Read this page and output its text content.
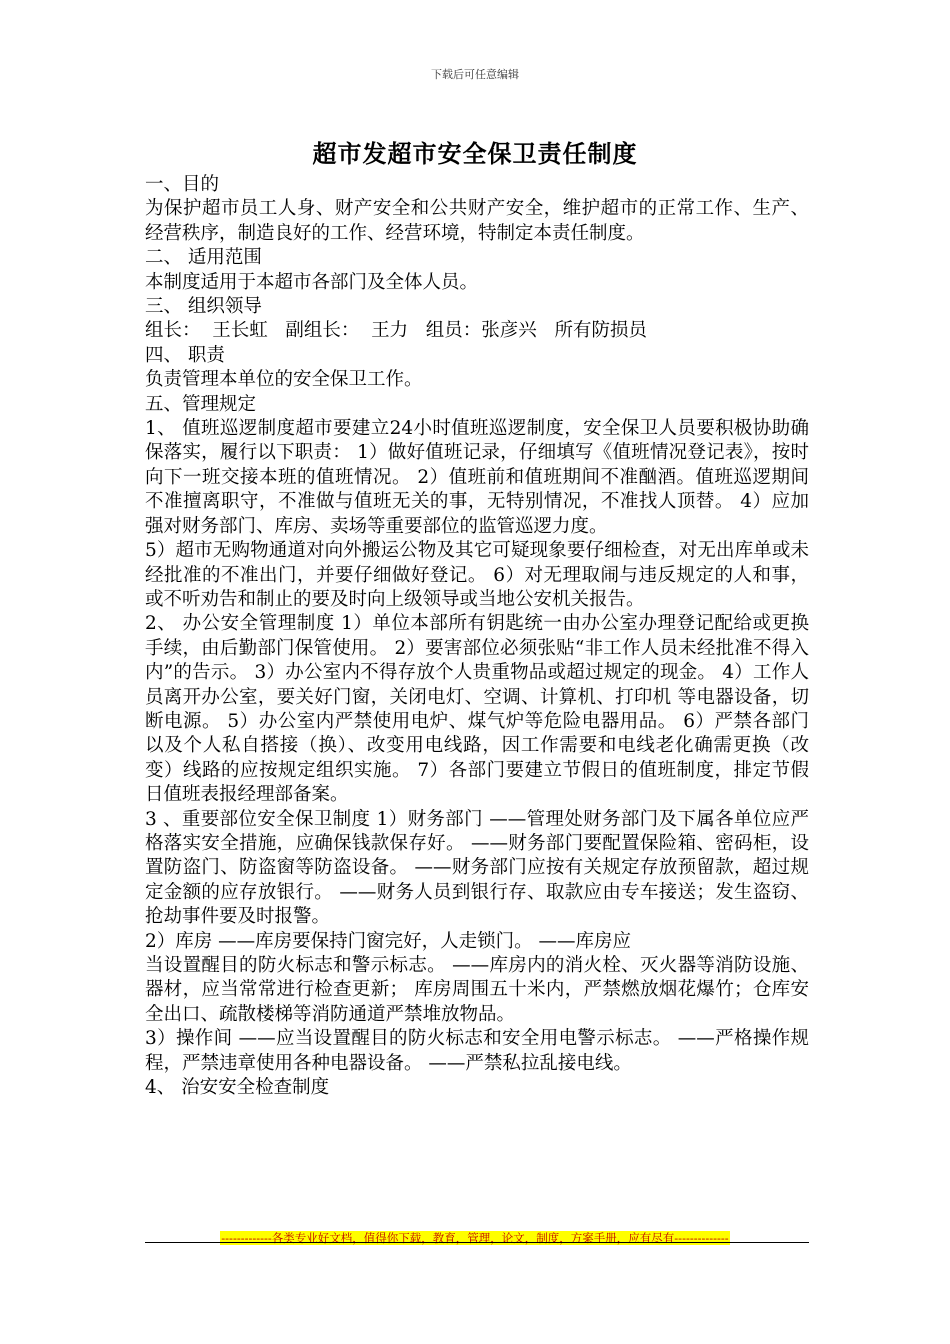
下载后可任意编辑
超市发超市安全保卫责任制度

一、目的

为保护超市员工人身、财产安全和公共财产安全，维护超市的正常工作、生产、经营秩序，制造良好的工作、经营环境，特制定本责任制度。

二、 适用范围

本制度适用于本超市各部门及全体人员。

三、 组织领导

组长：  王长虹   副组长：  王力   组员：张彦兴   所有防损员

四、 职责

负责管理本单位的安全保卫工作。

五、管理规定

1、 值班巡逻制度超市要建立24小时值班巡逻制度，安全保卫人员要积极协助确保落实，履行以下职责： 1）做好值班记录，仔细填写《值班情况登记表》，按时向下一班交接本班的值班情况。 2）值班前和值班期间不准酗酒。值班巡逻期间不准擅离职守，不准做与值班无关的事，无特别情况，不准找人顶替。 4）应加强对财务部门、库房、卖场等重要部位的监管巡逻力度。

5）超市无购物通道对向外搬运公物及其它可疑现象要仔细检查，对无出库单或未经批准的不准出门，并要仔细做好登记。 6）对无理取闹与违反规定的人和事，或不听劝告和制止的要及时向上级领导或当地公安机关报告。

2、 办公安全管理制度 1）单位本部所有钥匙统一由办公室办理登记配给或更换手续，由后勤部门保管使用。 2）要害部位必须张贴“非工作人员未经批准不得入内”的告示。 3）办公室内不得存放个人贵重物品或超过规定的现金。 4）工作人员离开办公室，要关好门窗，关闭电灯、空调、计算机、打印机 等电器设备，切断电源。 5）办公室内严禁使用电炉、煤气炉等危险电器用品。 6）严禁各部门以及个人私自搭接（换）、改变用电线路，因工作需要和电线老化确需更换（改变）线路的应按规定组织实施。 7）各部门要建立节假日的值班制度，排定节假日值班表报经理部备案。

3 、重要部位安全保卫制度 1）财务部门 ——管理处财务部门及下属各单位应严格落实安全措施，应确保钱款保存好。 ——财务部门要配置保险箱、密码柜，设置防盗门、防盗窗等防盗设备。 ——财务部门应按有关规定存放预留款，超过规定金额的应存放银行。 ——财务人员到银行存、取款应由专车接送；发生盗窃、抢劫事件要及时报警。

2）库房 ——库房要保持门窗完好，人走锁门。 ——库房应

当设置醒目的防火标志和警示标志。 ——库房内的消火栓、灭火器等消防设施、器材，应当常常进行检查更新； 库房周围五十米内，严禁燃放烟花爆竹；仓库安全出口、疏散楼梯等消防通道严禁堆放物品。

3）操作间 ——应当设置醒目的防火标志和安全用电警示标志。 ——严格操作规程，严禁违章使用各种电器设备。 ——严禁私拉乱接电线。

4、 治安安全检查制度

-------------各类专业好文档，值得你下载，教育，管理，论文，制度，方案手册，应有尽有--------------
